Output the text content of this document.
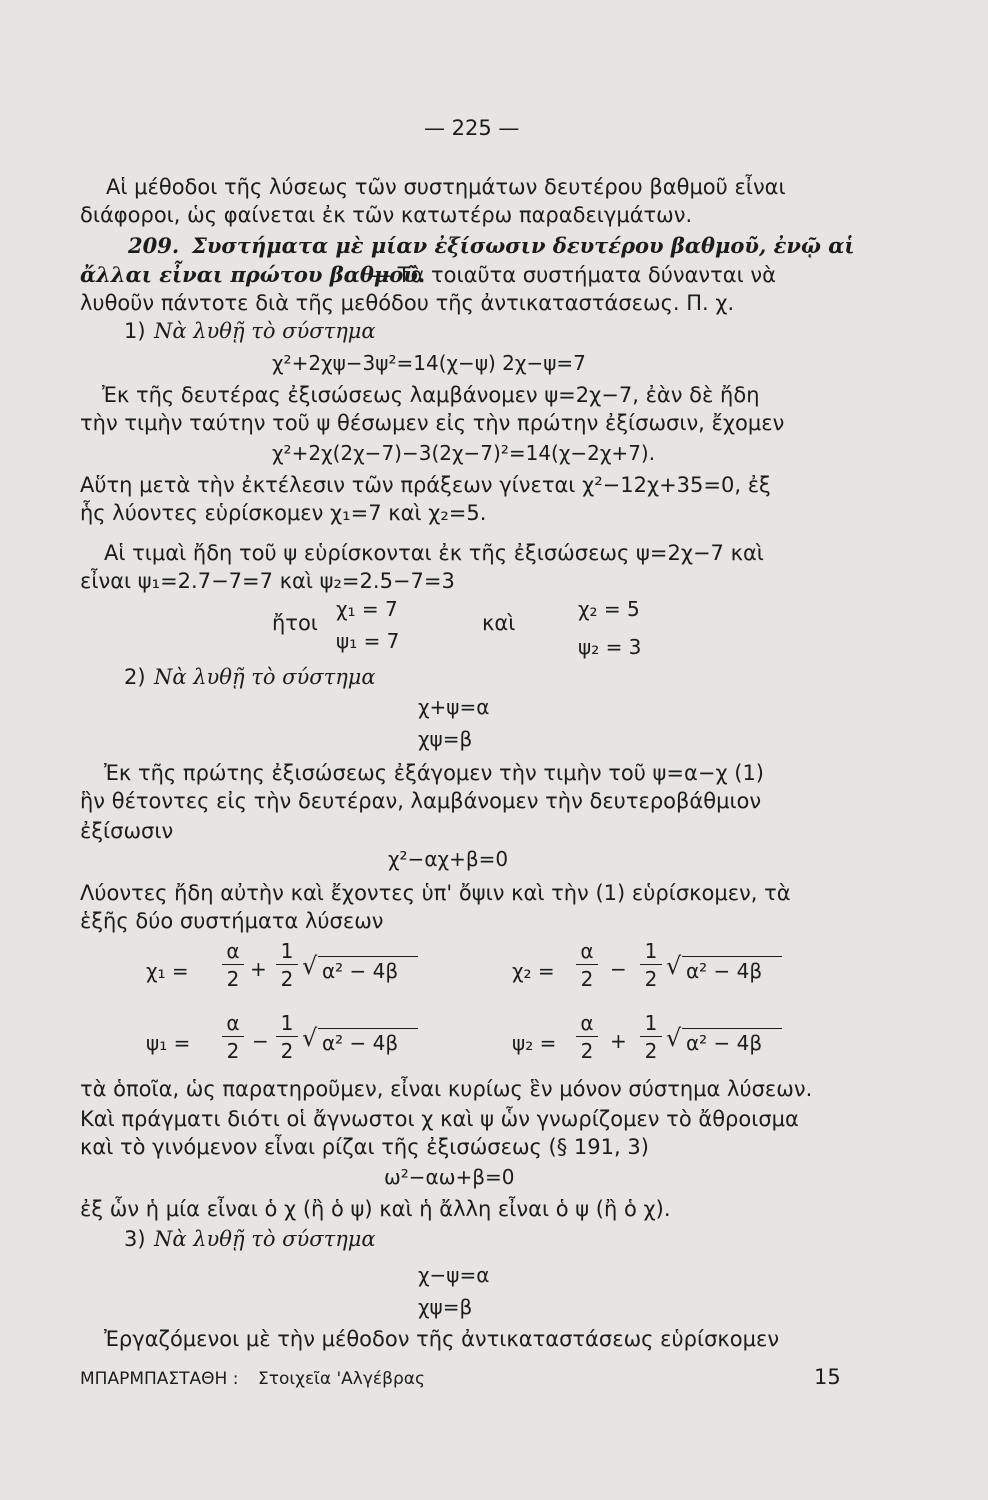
— 225 —
Αἱ μέθοδοι τῆς λύσεως τῶν συστημάτων δευτέρου βαθμοῦ εἶναι
διάφοροι, ὡς φαίνεται ἐκ τῶν κατωτέρω παραδειγμάτων.
209. Συστήματα μὲ μίαν ἐξίσωσιν δευτέρου βαθμοῦ, ἐνῷ αἱ
ἄλλαι εἶναι πρώτου βαθμοῦ.
— Τὰ τοιαῦτα συστήματα δύνανται νὰ
λυθοῦν πάντοτε διὰ τῆς μεθόδου τῆς ἀντικαταστάσεως. Π. χ.
1) Νὰ λυθῇ τὸ σύστημα
χ²+2χψ−3ψ²=14(χ−ψ) 2χ−ψ=7
Ἐκ τῆς δευτέρας ἐξισώσεως λαμβάνομεν ψ=2χ−7, ἐὰν δὲ ἤδη
τὴν τιμὴν ταύτην τοῦ ψ θέσωμεν εἰς τὴν πρώτην ἐξίσωσιν, ἔχομεν
χ²+2χ(2χ−7)−3(2χ−7)²=14(χ−2χ+7).
Αὕτη μετὰ τὴν ἐκτέλεσιν τῶν πράξεων γίνεται χ²−12χ+35=0, ἐξ
ἧς λύοντες εὑρίσκομεν χ₁=7 καὶ χ₂=5.
Αἱ τιμαὶ ἤδη τοῦ ψ εὑρίσκονται ἐκ τῆς ἐξισώσεως ψ=2χ−7 καὶ
εἶναι ψ₁=2.7−7=7 καὶ ψ₂=2.5−7=3
ἤτοι
χ₁ = 7
ψ₁ = 7
καὶ
χ₂ = 5
ψ₂ = 3
2) Νὰ λυθῇ τὸ σύστημα
χ+ψ=α
χψ=β
Ἐκ τῆς πρώτης ἐξισώσεως ἐξάγομεν τὴν τιμὴν τοῦ ψ=α−χ (1)
ἣν θέτοντες εἰς τὴν δευτέραν, λαμβάνομεν τὴν δευτεροβάθμιον
ἐξίσωσιν
χ²−αχ+β=0
Λύοντες ἤδη αὐτὴν καὶ ἔχοντες ὑπ' ὄψιν καὶ τὴν (1) εὑρίσκομεν, τὰ
ἑξῆς δύο συστήματα λύσεων
χ₁ =
α
2 +
1
2 √ α² − 4β	χ₂ =
α
2 −
1
2 √ α² − 4β
ψ₁ =
α
2 −
1
2 √ α² − 4β	ψ₂ =
α
2 +
1
2 √ α² − 4β
τὰ ὁποῖα, ὡς παρατηροῦμεν, εἶναι κυρίως ἓν μόνον σύστημα λύσεων.
Καὶ πράγματι διότι οἱ ἄγνωστοι χ καὶ ψ ὧν γνωρίζομεν τὸ ἄθροισμα
καὶ τὸ γινόμενον εἶναι ρίζαι τῆς ἐξισώσεως (§ 191, 3)
ω²−αω+β=0
ἐξ ὧν ἡ μία εἶναι ὁ χ (ἢ ὁ ψ) καὶ ἡ ἄλλη εἶναι ὁ ψ (ἢ ὁ χ).
3) Νὰ λυθῇ τὸ σύστημα
χ−ψ=α
χψ=β
Ἐργαζόμενοι μὲ τὴν μέθοδον τῆς ἀντικαταστάσεως εὑρίσκομεν
ΜΠΑΡΜΠΑΣΤΑΘΗ : Στοιχεῖα 'Αλγέβρας	15
